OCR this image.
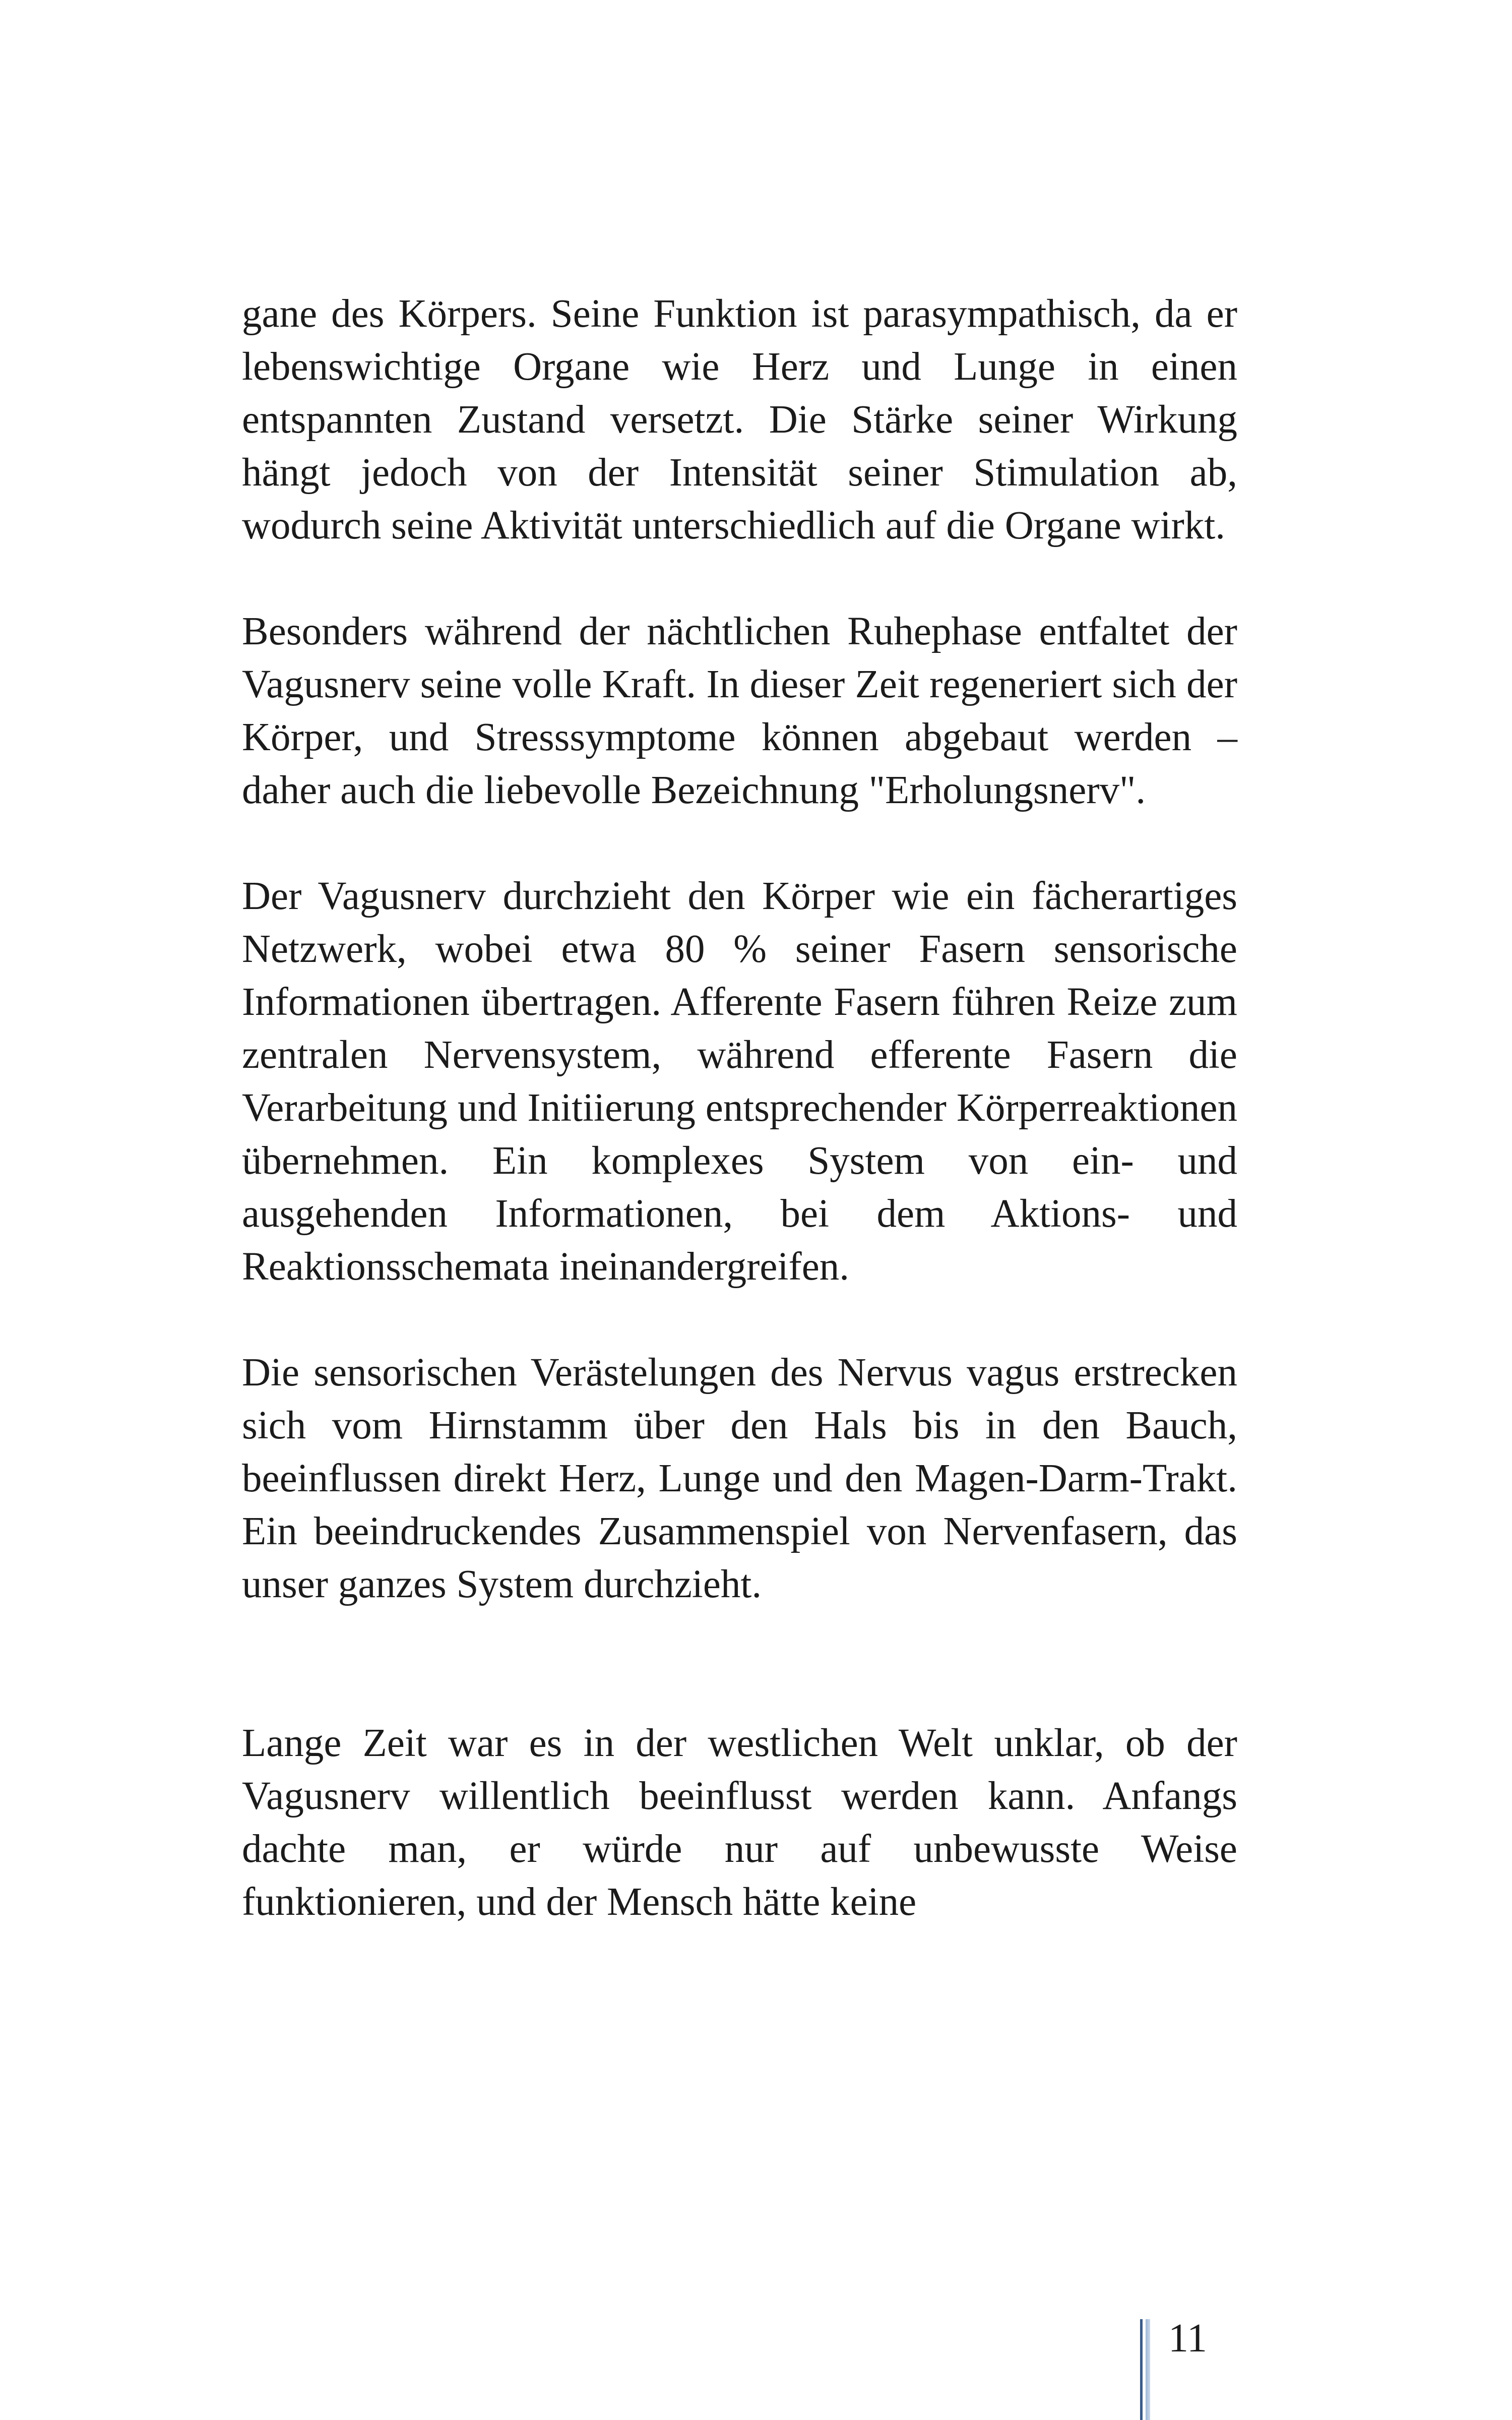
gane des Körpers. Seine Funktion ist parasympathisch, da er lebenswichtige Organe wie Herz und Lunge in einen entspannten Zustand versetzt. Die Stärke seiner Wirkung hängt jedoch von der Intensität seiner Stimulation ab, wodurch seine Aktivität unterschiedlich auf die Organe wirkt.

Besonders während der nächtlichen Ruhephase entfaltet der Vagusnerv seine volle Kraft. In dieser Zeit regeneriert sich der Körper, und Stresssymptome können abgebaut werden – daher auch die liebevolle Bezeichnung "Erholungsnerv".

Der Vagusnerv durchzieht den Körper wie ein fächerartiges Netzwerk, wobei etwa 80 % seiner Fasern sensorische Informationen übertragen. Afferente Fasern führen Reize zum zentralen Nervensystem, während efferente Fasern die Verarbeitung und Initiierung entsprechender Körperreaktionen übernehmen. Ein komplexes System von ein- und ausgehenden Informationen, bei dem Aktions- und Reaktionsschemata ineinandergreifen.

Die sensorischen Verästelungen des Nervus vagus erstrecken sich vom Hirnstamm über den Hals bis in den Bauch, beeinflussen direkt Herz, Lunge und den Magen-Darm-Trakt. Ein beeindruckendes Zusammenspiel von Nervenfasern, das unser ganzes System durchzieht.

Lange Zeit war es in der westlichen Welt unklar, ob der Vagusnerv willentlich beeinflusst werden kann. Anfangs dachte man, er würde nur auf unbewusste Weise funktionieren, und der Mensch hätte keine

11
